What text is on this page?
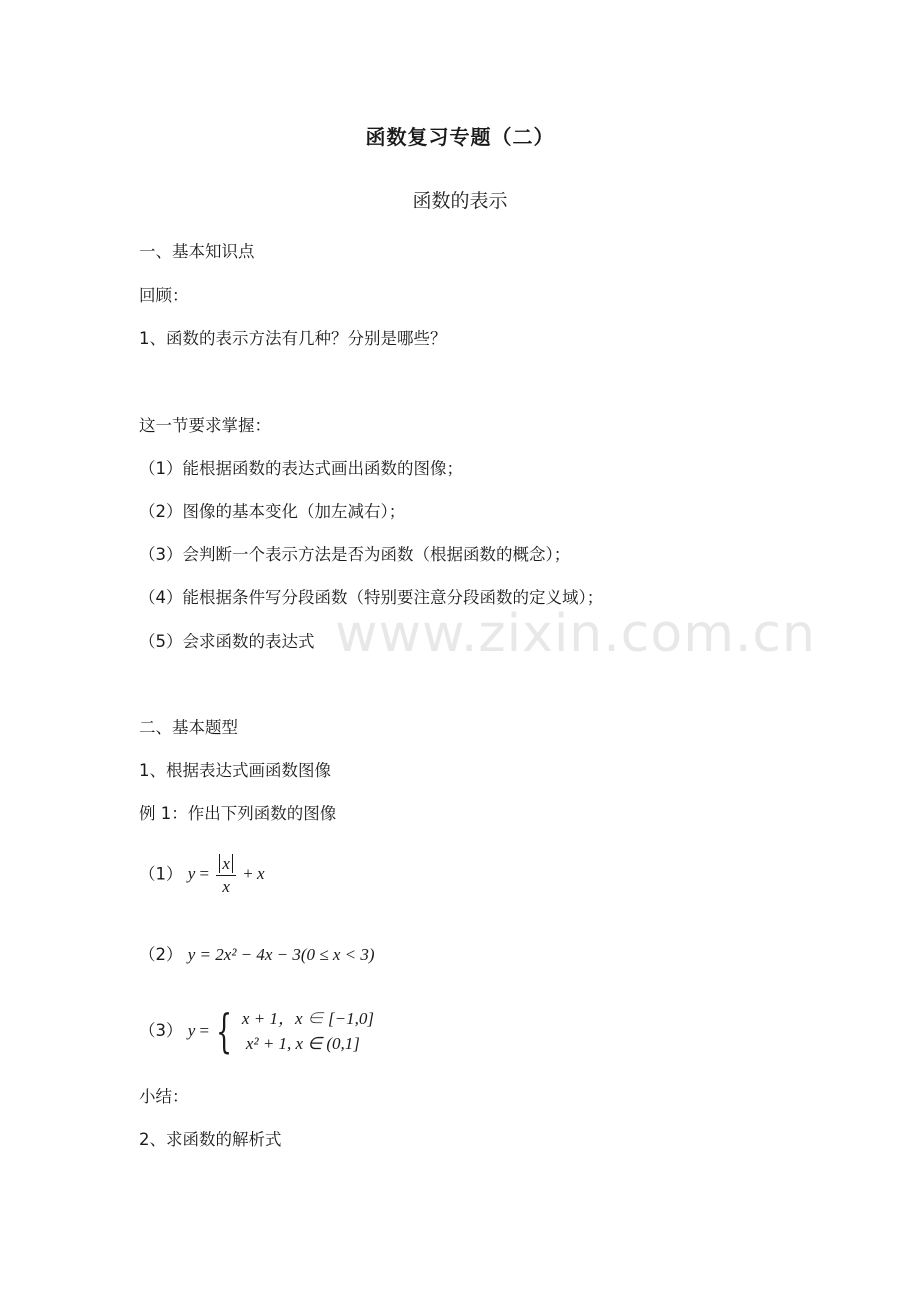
函数复习专题（二）
函数的表示
一、基本知识点
回顾：
1、函数的表示方法有几种？分别是哪些？
这一节要求掌握：
（1）能根据函数的表达式画出函数的图像；
（2）图像的基本变化（加左减右）；
（3）会判断一个表示方法是否为函数（根据函数的概念）；
（4）能根据条件写分段函数（特别要注意分段函数的定义域）；
（5）会求函数的表达式
二、基本题型
1、根据表达式画函数图像
例 1：作出下列函数的图像
（1） $y = \frac{x}{x} + x$
（2） y = 2x² − 4x − 3(0 ≤ x < 3)
（3） y = { x + 1，x ∈ [−1,0]
x² + 1, x ∈ (0,1]
小结：
2、求函数的解析式
www.zixin.com.cn
